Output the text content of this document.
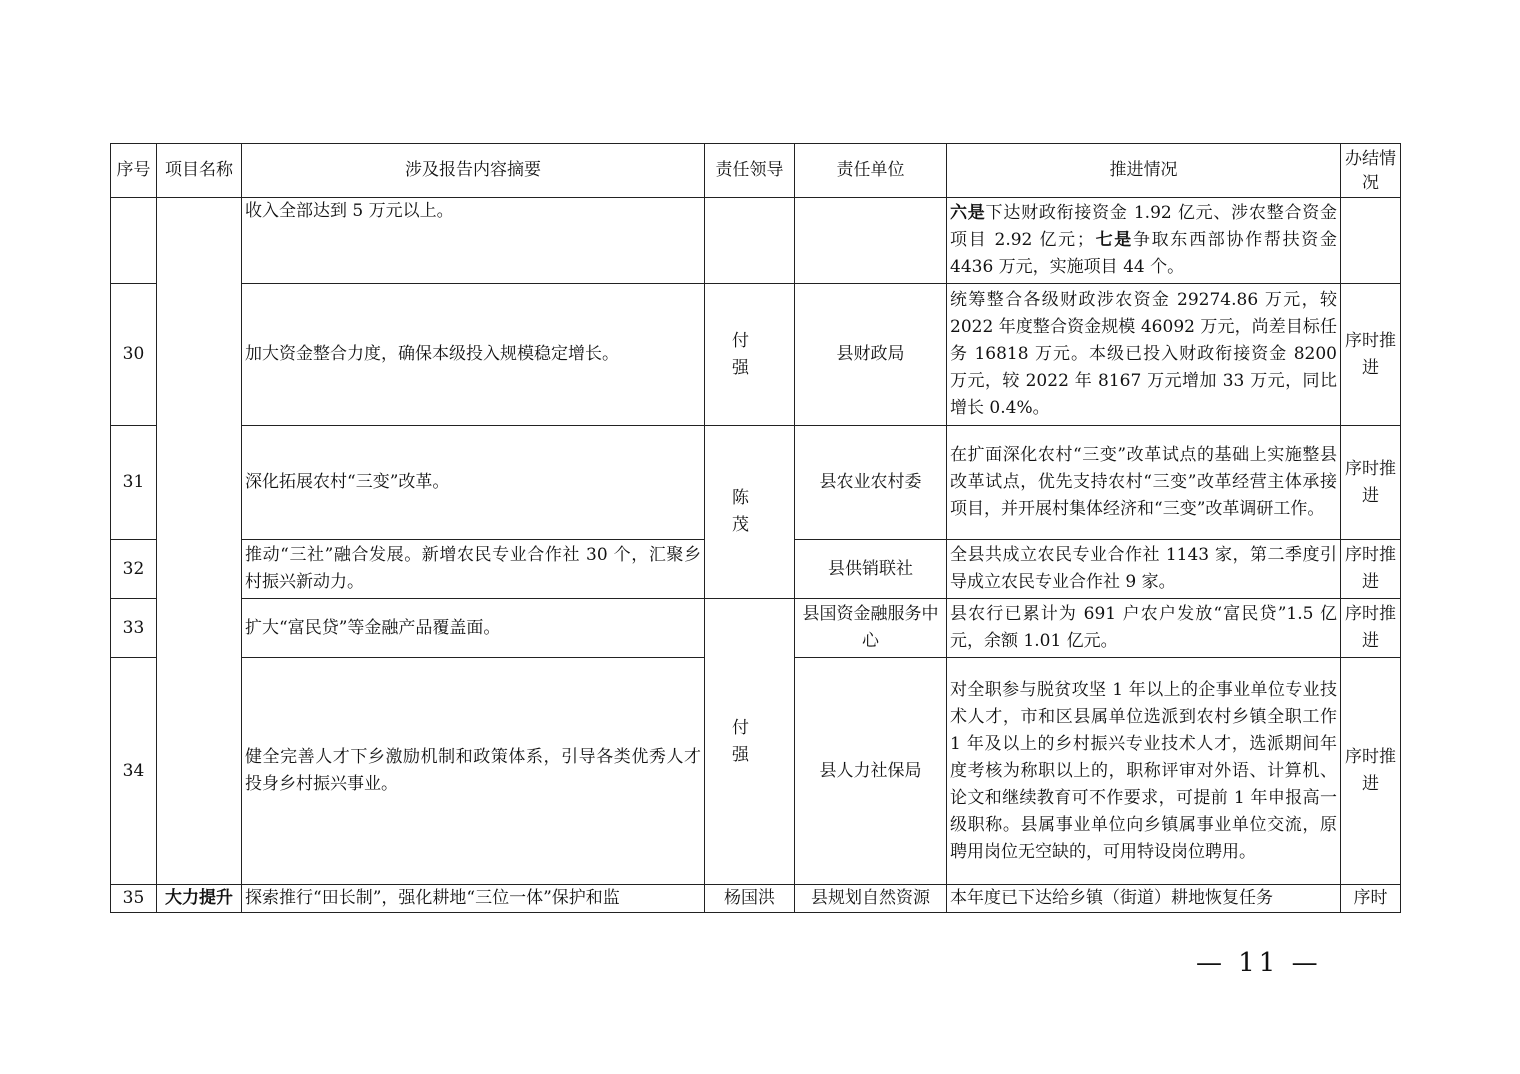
序号	项目名称	涉及报告内容摘要	责任领导	责任单位	推进情况	办结情况
		收入全部达到 5 万元以上。			六是下达财政衔接资金 1.92 亿元、涉农整合资金项目 2.92 亿元；七是争取东西部协作帮扶资金 4436 万元，实施项目 44 个。	
30		加大资金整合力度，确保本级投入规模稳定增长。	付 强	县财政局	统筹整合各级财政涉农资金 29274.86 万元，较 2022 年度整合资金规模 46092 万元，尚差目标任务 16818 万元。本级已投入财政衔接资金 8200 万元，较 2022 年 8167 万元增加 33 万元，同比增长 0.4%。	序时推进
31		深化拓展农村“三变”改革。	陈 茂	县农业农村委	在扩面深化农村“三变”改革试点的基础上实施整县改革试点，优先支持农村“三变”改革经营主体承接项目，并开展村集体经济和“三变”改革调研工作。	序时推进
32		推动“三社”融合发展。新增农民专业合作社 30 个，汇聚乡村振兴新动力。		县供销联社	全县共成立农民专业合作社 1143 家，第二季度引导成立农民专业合作社 9 家。	序时推进
33		扩大“富民贷”等金融产品覆盖面。	付 强	县国资金融服务中心	县农行已累计为 691 户农户发放“富民贷”1.5 亿元，余额 1.01 亿元。	序时推进
34		健全完善人才下乡激励机制和政策体系，引导各类优秀人才投身乡村振兴事业。		县人力社保局	对全职参与脱贫攻坚 1 年以上的企事业单位专业技术人才，市和区县属单位选派到农村乡镇全职工作 1 年及以上的乡村振兴专业技术人才，选派期间年度考核为称职以上的，职称评审对外语、计算机、论文和继续教育可不作要求，可提前 1 年申报高一级职称。县属事业单位向乡镇属事业单位交流，原聘用岗位无空缺的，可用特设岗位聘用。	序时推进
35	大力提升	探索推行“田长制”，强化耕地“三位一体”保护和监	杨国洪	县规划自然资源	本年度已下达给乡镇（街道）耕地恢复任务	序时
— 11 —
